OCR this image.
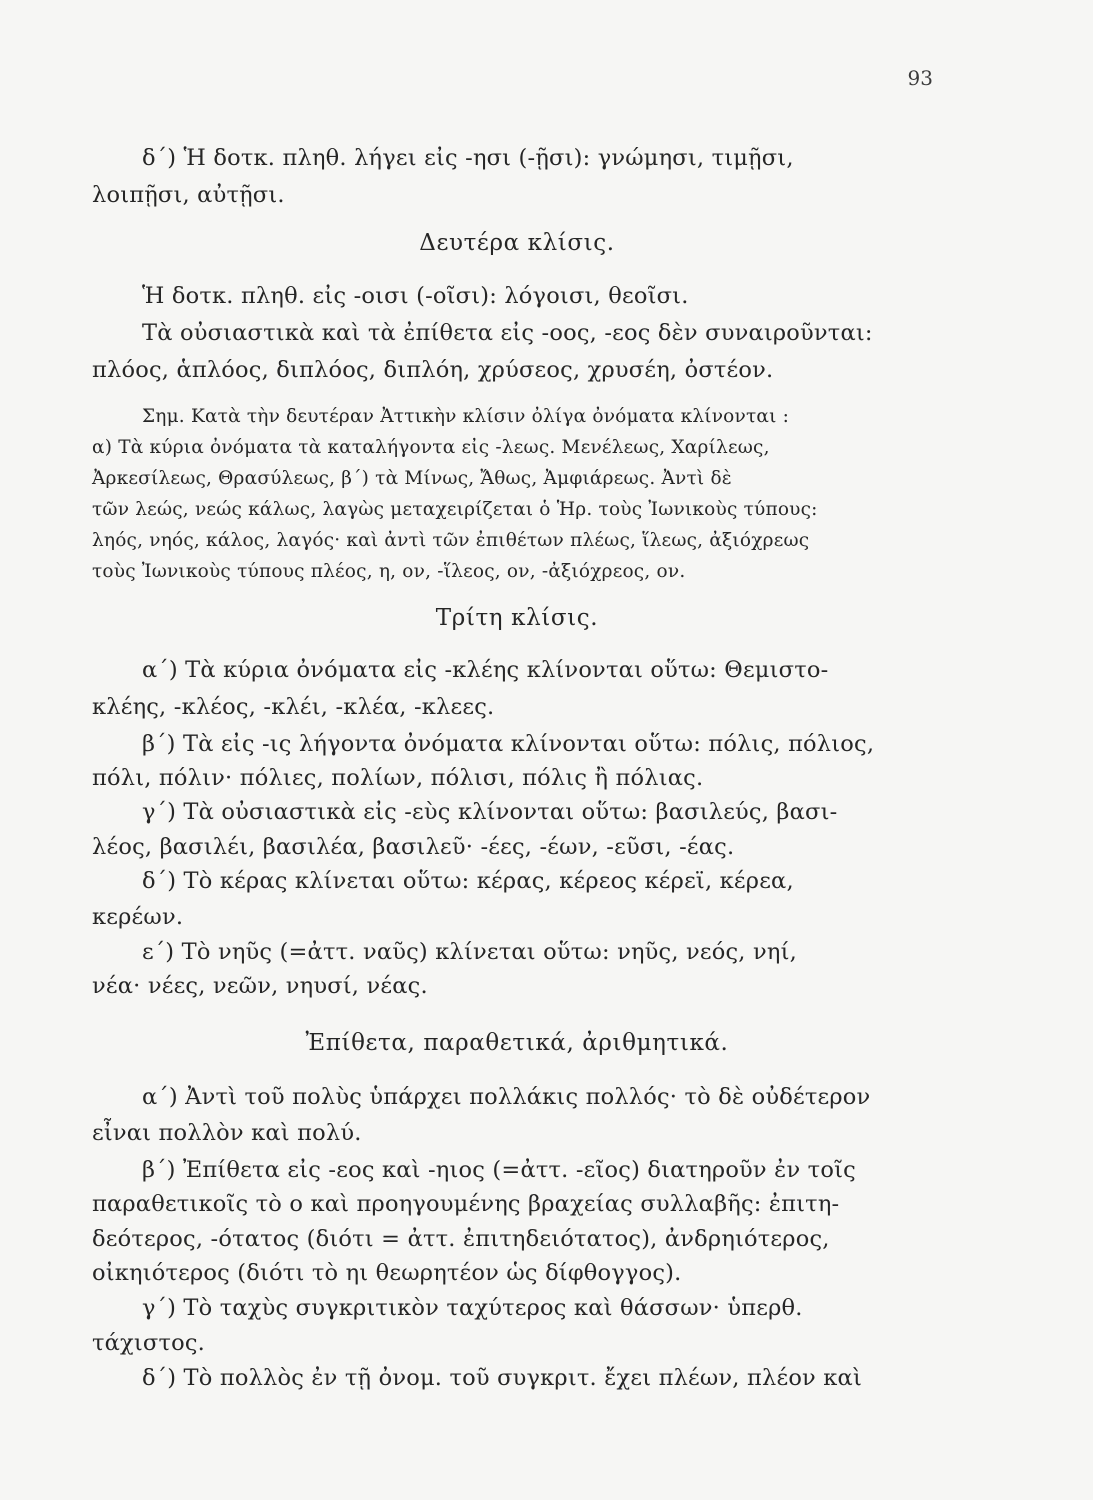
93
δ΄) Ἡ δοτκ. πληθ. λήγει εἰς -ησι (-ῇσι): γνώμησι, τιμῇσι,
λοιπῇσι, αὐτῇσι.
Δευτέρα κλίσις.
Ἡ δοτκ. πληθ. εἰς -οισι (-οῖσι): λόγοισι, θεοῖσι.
Τὰ οὐσιαστικὰ καὶ τὰ ἐπίθετα εἰς -οος, -εος δὲν συναιροῦνται:
πλόος, ἁπλόος, διπλόος, διπλόη, χρύσεος, χρυσέη, ὀστέον.
Σημ. Κατὰ τὴν δευτέραν Ἀττικὴν κλίσιν ὀλίγα ὀνόματα κλίνονται :
α) Τὰ κύρια ὀνόματα τὰ καταλήγοντα εἰς -λεως. Μενέλεως, Χαρίλεως,
Ἀρκεσίλεως, Θρασύλεως, β΄) τὰ Μίνως, Ἄθως, Ἀμφιάρεως. Ἀντὶ δὲ
τῶν λεώς, νεώς κάλως, λαγὼς μεταχειρίζεται ὁ Ἡρ. τοὺς Ἰωνικοὺς τύπους:
ληός, νηός, κάλος, λαγός· καὶ ἀντὶ τῶν ἐπιθέτων πλέως, ἵλεως, ἀξιόχρεως
τοὺς Ἰωνικοὺς τύπους πλέος, η, ον, -ἵλεος, ον, -ἀξιόχρεος, ον.
Τρίτη κλίσις.
α΄) Τὰ κύρια ὀνόματα εἰς -κλέης κλίνονται οὕτω: Θεμιστο-
κλέης, -κλέος, -κλέι, -κλέα, -κλεες.
β΄) Τὰ εἰς -ις λήγοντα ὀνόματα κλίνονται οὕτω: πόλις, πόλιος,
πόλι, πόλιν· πόλιες, πολίων, πόλισι, πόλις ἢ πόλιας.
γ΄) Τὰ οὐσιαστικὰ εἰς -εὺς κλίνονται οὕτω: βασιλεύς, βασι-
λέος, βασιλέι, βασιλέα, βασιλεῦ· -έες, -έων, -εῦσι, -έας.
δ΄) Τὸ κέρας κλίνεται οὕτω: κέρας, κέρεος κέρεϊ, κέρεα,
κερέων.
ε΄) Τὸ νηῦς (=ἀττ. ναῦς) κλίνεται οὕτω: νηῦς, νεός, νηί,
νέα· νέες, νεῶν, νηυσί, νέας.
Ἐπίθετα, παραθετικά, ἀριθμητικά.
α΄) Ἀντὶ τοῦ πολὺς ὑπάρχει πολλάκις πολλός· τὸ δὲ οὐδέτερον
εἶναι πολλὸν καὶ πολύ.
β΄) Ἐπίθετα εἰς -εος καὶ -ηιος (=ἀττ. -εῖος) διατηροῦν ἐν τοῖς
παραθετικοῖς τὸ ο καὶ προηγουμένης βραχείας συλλαβῆς: ἐπιτη-
δεότερος, -ότατος (διότι = ἀττ. ἐπιτηδειότατος), ἀνδρηιότερος,
οἰκηιότερος (διότι τὸ ηι θεωρητέον ὡς δίφθογγος).
γ΄) Τὸ ταχὺς συγκριτικὸν ταχύτερος καὶ θάσσων· ὑπερθ.
τάχιστος.
δ΄) Τὸ πολλὸς ἐν τῇ ὀνομ. τοῦ συγκριτ. ἔχει πλέων, πλέον καὶ
